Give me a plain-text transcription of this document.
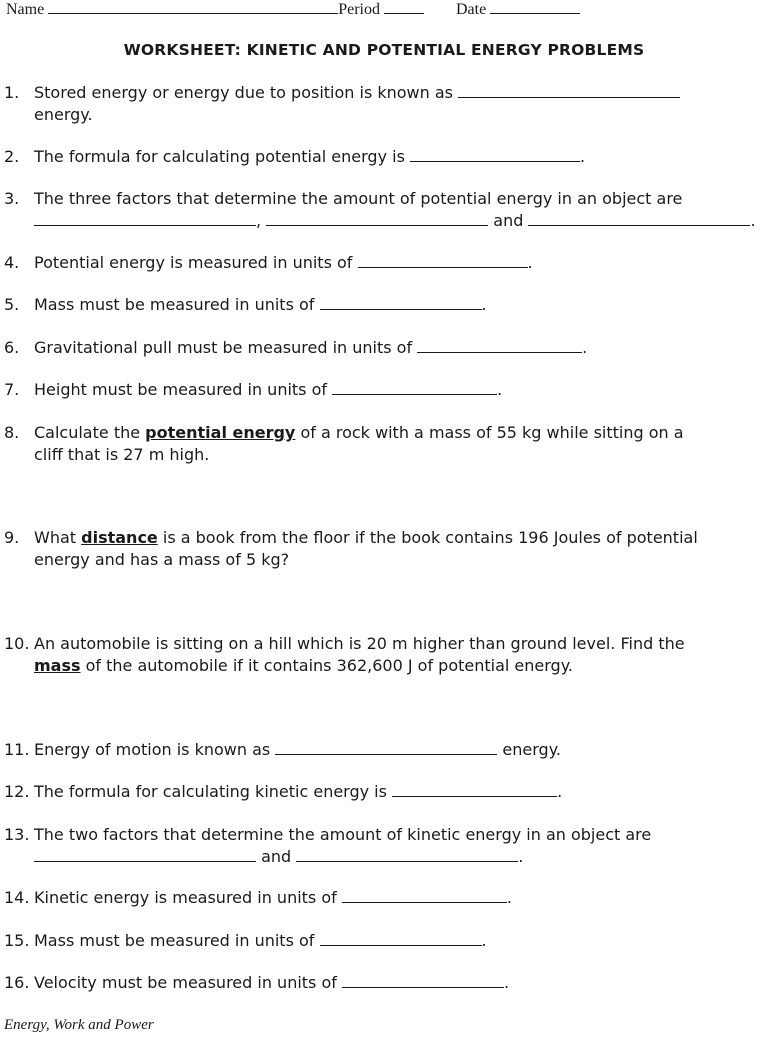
Name	Period	Date
WORKSHEET: KINETIC AND POTENTIAL ENERGY PROBLEMS
1. Stored energy or energy due to position is known as
energy.
2. The formula for calculating potential energy is	.
3. The three factors that determine the amount of potential energy in an object are
,	and	.
4. Potential energy is measured in units of	.
5. Mass must be measured in units of	.
6. Gravitational pull must be measured in units of	.
7. Height must be measured in units of	.
8. Calculate the potential energy of a rock with a mass of 55 kg while sitting on a
cliff that is 27 m high.
9. What distance is a book from the floor if the book contains 196 Joules of potential
energy and has a mass of 5 kg?
10. An automobile is sitting on a hill which is 20 m higher than ground level. Find the
mass of the automobile if it contains 362,600 J of potential energy.
11. Energy of motion is known as	energy.
12. The formula for calculating kinetic energy is	.
13. The two factors that determine the amount of kinetic energy in an object are
and	.
14. Kinetic energy is measured in units of	.
15. Mass must be measured in units of	.
16. Velocity must be measured in units of	.
Energy, Work and Power
